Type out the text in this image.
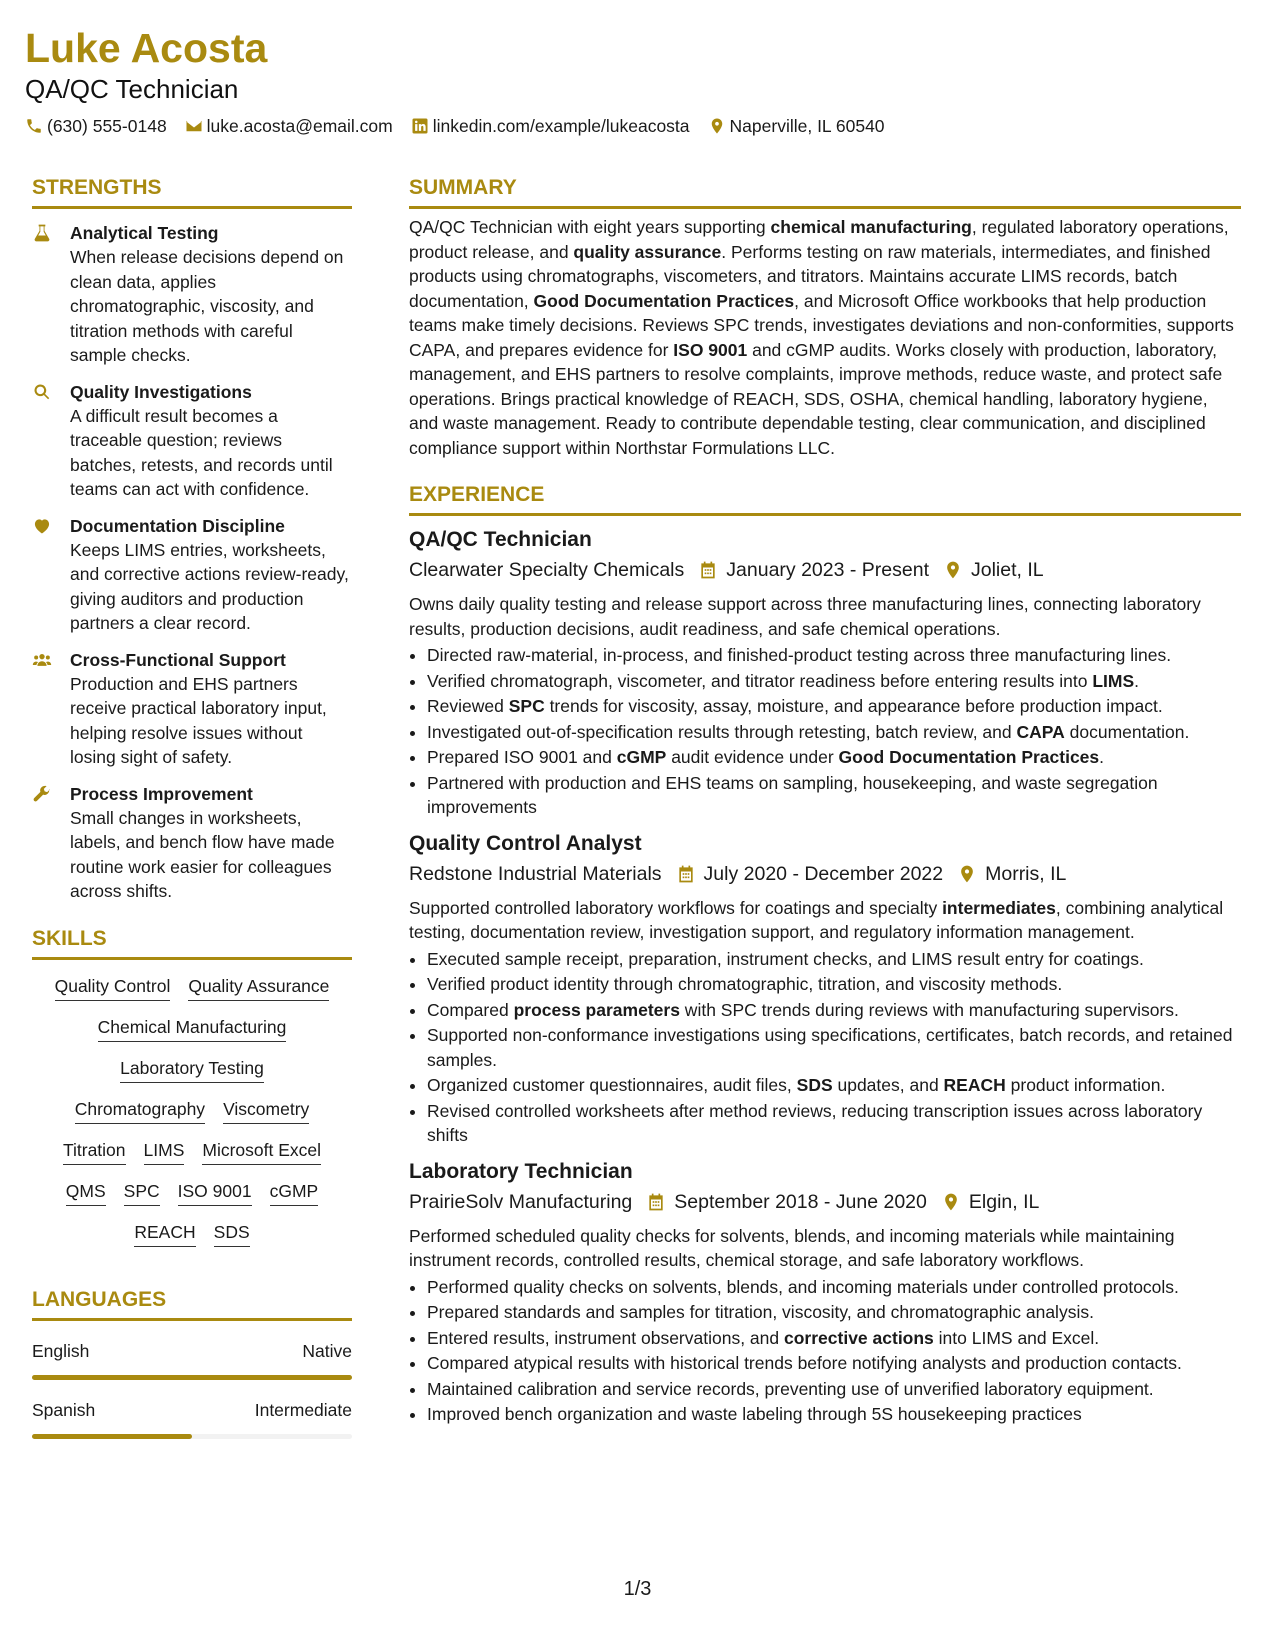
Luke Acosta
QA/QC Technician
(630) 555-0148 luke.acosta@email.com linkedin.com/example/lukeacosta Naperville, IL 60540
STRENGTHS
Analytical Testing
When release decisions depend on clean data, applies chromatographic, viscosity, and titration methods with careful sample checks.
Quality Investigations
A difficult result becomes a traceable question; reviews batches, retests, and records until teams can act with confidence.
Documentation Discipline
Keeps LIMS entries, worksheets, and corrective actions review-ready, giving auditors and production partners a clear record.
Cross-Functional Support
Production and EHS partners receive practical laboratory input, helping resolve issues without losing sight of safety.
Process Improvement
Small changes in worksheets, labels, and bench flow have made routine work easier for colleagues across shifts.
SKILLS
Quality Control Quality Assurance
Chemical Manufacturing
Laboratory Testing
Chromatography Viscometry
Titration LIMS Microsoft Excel
QMS SPC ISO 9001 cGMP
REACH SDS
LANGUAGES
English	Native
Spanish	Intermediate
SUMMARY

QA/QC Technician with eight years supporting chemical manufacturing, regulated laboratory operations, product release, and quality assurance. Performs testing on raw materials, intermediates, and finished products using chromatographs, viscometers, and titrators. Maintains accurate LIMS records, batch documentation, Good Documentation Practices, and Microsoft Office workbooks that help production teams make timely decisions. Reviews SPC trends, investigates deviations and non-conformities, supports CAPA, and prepares evidence for ISO 9001 and cGMP audits. Works closely with production, laboratory, management, and EHS partners to resolve complaints, improve methods, reduce waste, and protect safe operations. Brings practical knowledge of REACH, SDS, OSHA, chemical handling, laboratory hygiene, and waste management. Ready to contribute dependable testing, clear communication, and disciplined compliance support within Northstar Formulations LLC.

EXPERIENCE
QA/QC Technician
Clearwater Specialty Chemicals January 2023 - Present Joliet, IL
Owns daily quality testing and release support across three manufacturing lines, connecting laboratory results, production decisions, audit readiness, and safe chemical operations.
• Directed raw-material, in-process, and finished-product testing across three manufacturing lines.
• Verified chromatograph, viscometer, and titrator readiness before entering results into LIMS.
• Reviewed SPC trends for viscosity, assay, moisture, and appearance before production impact.
• Investigated out-of-specification results through retesting, batch review, and CAPA documentation.
• Prepared ISO 9001 and cGMP audit evidence under Good Documentation Practices.
• Partnered with production and EHS teams on sampling, housekeeping, and waste segregation improvements
Quality Control Analyst
Redstone Industrial Materials July 2020 - December 2022 Morris, IL
Supported controlled laboratory workflows for coatings and specialty intermediates, combining analytical testing, documentation review, investigation support, and regulatory information management.
• Executed sample receipt, preparation, instrument checks, and LIMS result entry for coatings.
• Verified product identity through chromatographic, titration, and viscosity methods.
• Compared process parameters with SPC trends during reviews with manufacturing supervisors.
• Supported non-conformance investigations using specifications, certificates, batch records, and retained samples.
• Organized customer questionnaires, audit files, SDS updates, and REACH product information.
• Revised controlled worksheets after method reviews, reducing transcription issues across laboratory shifts
Laboratory Technician
PrairieSolv Manufacturing September 2018 - June 2020 Elgin, IL
Performed scheduled quality checks for solvents, blends, and incoming materials while maintaining instrument records, controlled results, chemical storage, and safe laboratory workflows.
• Performed quality checks on solvents, blends, and incoming materials under controlled protocols.
• Prepared standards and samples for titration, viscosity, and chromatographic analysis.
• Entered results, instrument observations, and corrective actions into LIMS and Excel.
• Compared atypical results with historical trends before notifying analysts and production contacts.
• Maintained calibration and service records, preventing use of unverified laboratory equipment.
• Improved bench organization and waste labeling through 5S housekeeping practices
1/3
